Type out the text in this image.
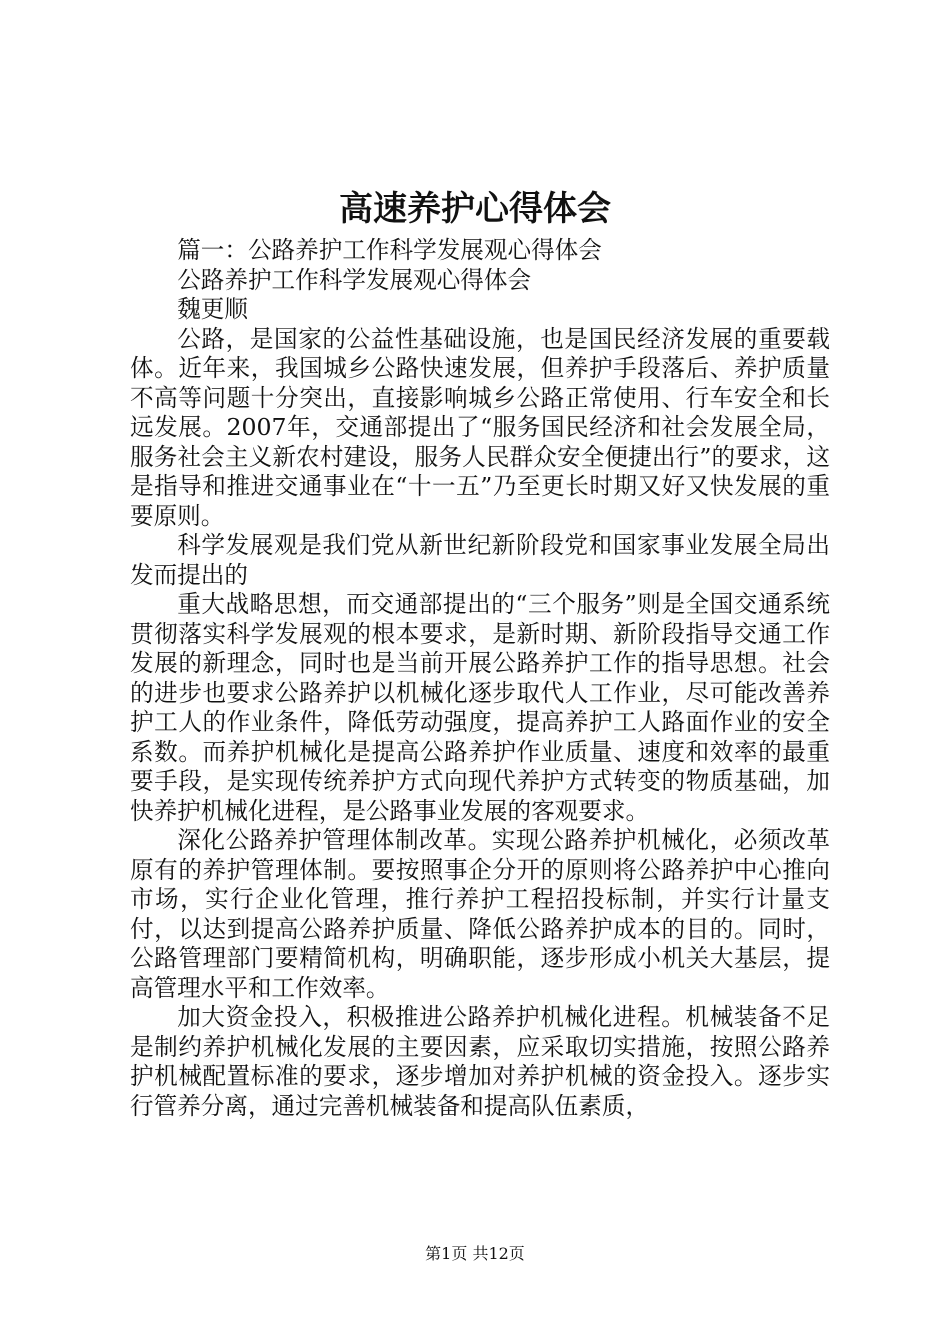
高速养护心得体会

篇一：公路养护工作科学发展观心得体会

公路养护工作科学发展观心得体会

魏更顺

公路，是国家的公益性基础设施，也是国民经济发展的重要载体。近年来，我国城乡公路快速发展，但养护手段落后、养护质量不高等问题十分突出，直接影响城乡公路正常使用、行车安全和长远发展。2007年，交通部提出了“服务国民经济和社会发展全局，服务社会主义新农村建设，服务人民群众安全便捷出行”的要求，这是指导和推进交通事业在“十一五”乃至更长时期又好又快发展的重要原则。

科学发展观是我们党从新世纪新阶段党和国家事业发展全局出发而提出的

重大战略思想，而交通部提出的“三个服务”则是全国交通系统贯彻落实科学发展观的根本要求，是新时期、新阶段指导交通工作发展的新理念，同时也是当前开展公路养护工作的指导思想。社会的进步也要求公路养护以机械化逐步取代人工作业，尽可能改善养护工人的作业条件，降低劳动强度，提高养护工人路面作业的安全系数。而养护机械化是提高公路养护作业质量、速度和效率的最重要手段，是实现传统养护方式向现代养护方式转变的物质基础，加快养护机械化进程，是公路事业发展的客观要求。

深化公路养护管理体制改革。实现公路养护机械化，必须改革原有的养护管理体制。要按照事企分开的原则将公路养护中心推向市场，实行企业化管理，推行养护工程招投标制，并实行计量支付，以达到提高公路养护质量、降低公路养护成本的目的。同时，公路管理部门要精简机构，明确职能，逐步形成小机关大基层，提高管理水平和工作效率。

加大资金投入，积极推进公路养护机械化进程。机械装备不足是制约养护机械化发展的主要因素，应采取切实措施，按照公路养护机械配置标准的要求，逐步增加对养护机械的资金投入。逐步实行管养分离，通过完善机械装备和提高队伍素质，

第1页 共12页
